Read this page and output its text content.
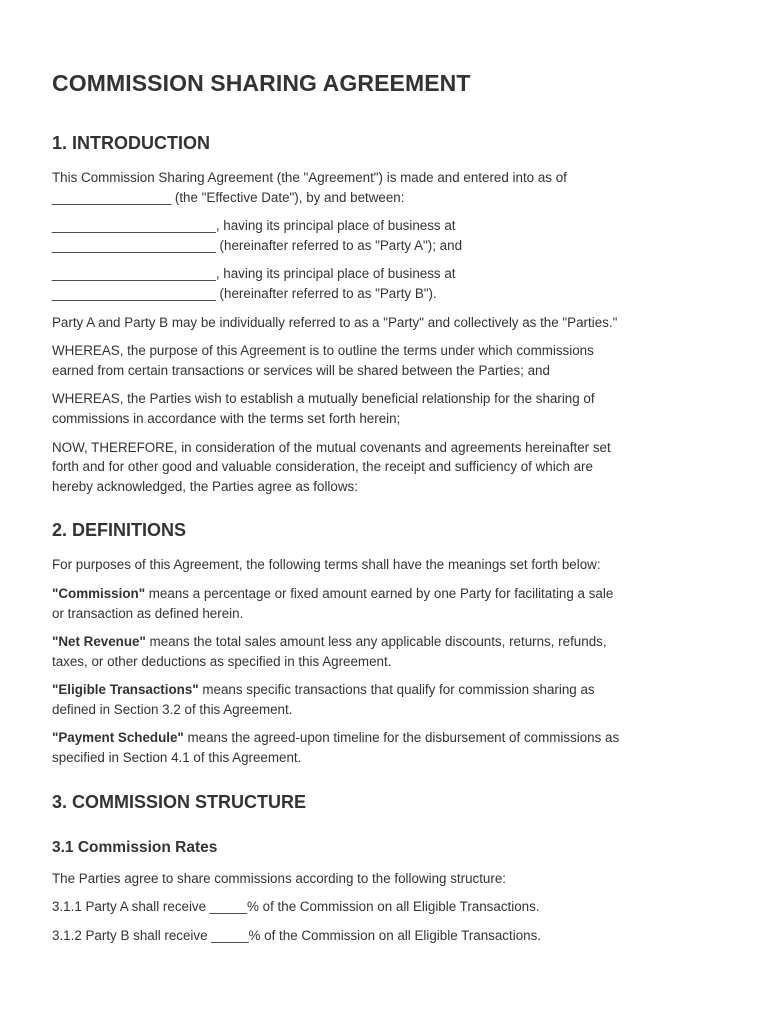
COMMISSION SHARING AGREEMENT
1. INTRODUCTION

This Commission Sharing Agreement (the "Agreement") is made and entered into as of
________________ (the "Effective Date"), by and between:

______________________, having its principal place of business at
______________________ (hereinafter referred to as "Party A"); and

______________________, having its principal place of business at
______________________ (hereinafter referred to as "Party B").

Party A and Party B may be individually referred to as a "Party" and collectively as the "Parties."

WHEREAS, the purpose of this Agreement is to outline the terms under which commissions
earned from certain transactions or services will be shared between the Parties; and

WHEREAS, the Parties wish to establish a mutually beneficial relationship for the sharing of
commissions in accordance with the terms set forth herein;

NOW, THEREFORE, in consideration of the mutual covenants and agreements hereinafter set
forth and for other good and valuable consideration, the receipt and sufficiency of which are
hereby acknowledged, the Parties agree as follows:

2. DEFINITIONS

For purposes of this Agreement, the following terms shall have the meanings set forth below:

"Commission" means a percentage or fixed amount earned by one Party for facilitating a sale
or transaction as defined herein.

"Net Revenue" means the total sales amount less any applicable discounts, returns, refunds,
taxes, or other deductions as specified in this Agreement.

"Eligible Transactions" means specific transactions that qualify for commission sharing as
defined in Section 3.2 of this Agreement.

"Payment Schedule" means the agreed-upon timeline for the disbursement of commissions as
specified in Section 4.1 of this Agreement.

3. COMMISSION STRUCTURE
3.1 Commission Rates

The Parties agree to share commissions according to the following structure:

3.1.1 Party A shall receive _____% of the Commission on all Eligible Transactions.

3.1.2 Party B shall receive _____% of the Commission on all Eligible Transactions.
